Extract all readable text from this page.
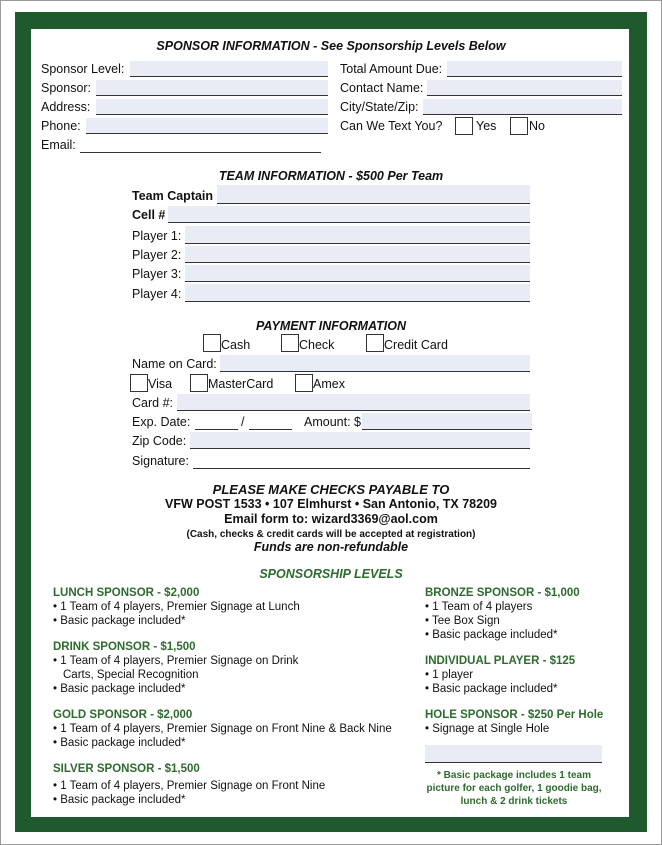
SPONSOR INFORMATION - See Sponsorship Levels Below
Sponsor Level:
Sponsor:
Address:
Phone:
Email:
Total Amount Due:
Contact Name:
City/State/Zip:
Can We Text You?	Yes	No
TEAM INFORMATION - $500 Per Team
Team Captain
Cell #
Player 1:
Player 2:
Player 3:
Player 4:
PAYMENT INFORMATION
Cash	Check	Credit Card
Name on Card:
Visa	MasterCard	Amex
Card #:
Exp. Date:	/	Amount: $
Zip Code:
Signature:
PLEASE MAKE CHECKS PAYABLE TO
VFW POST 1533 • 107 Elmhurst • San Antonio, TX 78209
Email form to: wizard3369@aol.com
(Cash, checks & credit cards will be accepted at registration)
Funds are non-refundable
SPONSORSHIP LEVELS
LUNCH SPONSOR - $2,000
• 1 Team of 4 players, Premier Signage at Lunch
• Basic package included*
DRINK SPONSOR - $1,500
• 1 Team of 4 players, Premier Signage on Drink
Carts, Special Recognition
• Basic package included*
GOLD SPONSOR - $2,000
• 1 Team of 4 players, Premier Signage on Front Nine & Back Nine
• Basic package included*
SILVER SPONSOR - $1,500
• 1 Team of 4 players, Premier Signage on Front Nine
• Basic package included*
BRONZE SPONSOR - $1,000
• 1 Team of 4 players
• Tee Box Sign
• Basic package included*
INDIVIDUAL PLAYER - $125
• 1 player
• Basic package included*
HOLE SPONSOR - $250 Per Hole
• Signage at Single Hole
* Basic package includes 1 team
picture for each golfer, 1 goodie bag,
lunch & 2 drink tickets
